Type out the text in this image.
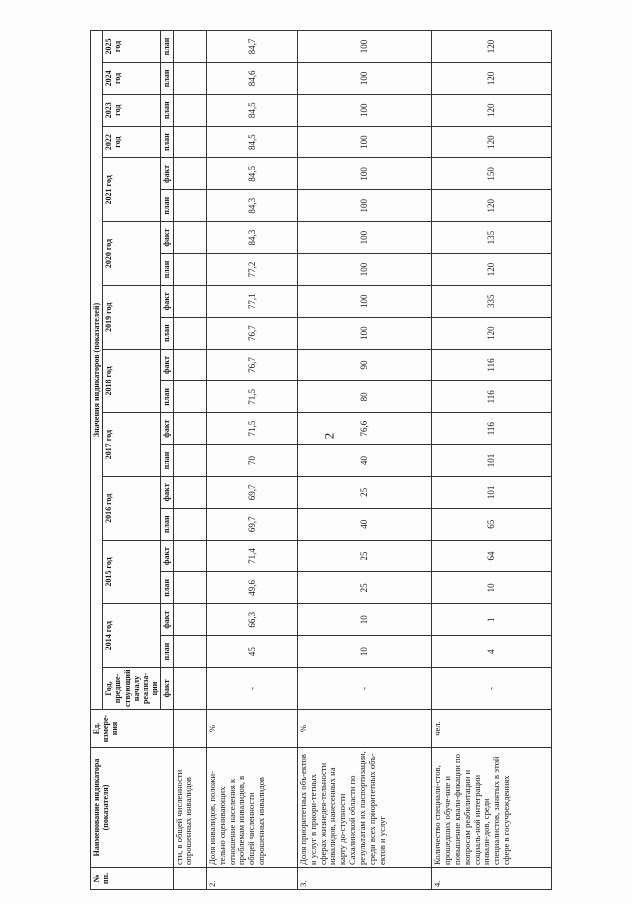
2
№ пп.	Наименование индикатора (показателя)	Ед. измере-ния	Значения индикаторов (показателей)																				
			Год, предше-ствующий началу реализа-ции	2014 год		2015 год		2016 год		2017 год		2018 год		2019 год		2020 год		2021 год		2022 год	2023 год	2024 год	2025 год
			факт	план	факт	план	факт	план	факт	план	факт	план	факт	план	факт	план	факт	план	факт	план	план	план	план
	сти, в общей численности опрошенных инвалидов																						
2.	Доля инвалидов, положи-тельно оценивающих отношение населения к проблемам инвалидов, в общей численности опрошенных инвалидов	%	-	45	66,3	49,6	71,4	69,7	69,7	70	71,5	71,5	76,7	76,7	77,1	77,2	84,3	84,3	84,5	84,5	84,5	84,6	84,7
3.	Доля приоритетных объ-ектов и услуг в приори-тетных сферах жизнедея-тельности инвалидов, нанесенных на карту до-ступности Сахалинской области по результатам их паспортизации, среди всех приоритетных объ-ектов и услуг	%	-	10	10	25	25	40	25	40	76,6	80	90	100	100	100	100	100	100	100	100	100	100
4.	Количество специали-стов, прошедших обуче-ние и повышение квали-фикации по вопросам реабилитации и социаль-ной интеграции инвали-дов, среди специалистов, занятых в этой сфере в госучреждениях	чел.	-	4	1	10	64	65	101	101	116	116	116	120	335	120	135	120	150	120	120	120	120
